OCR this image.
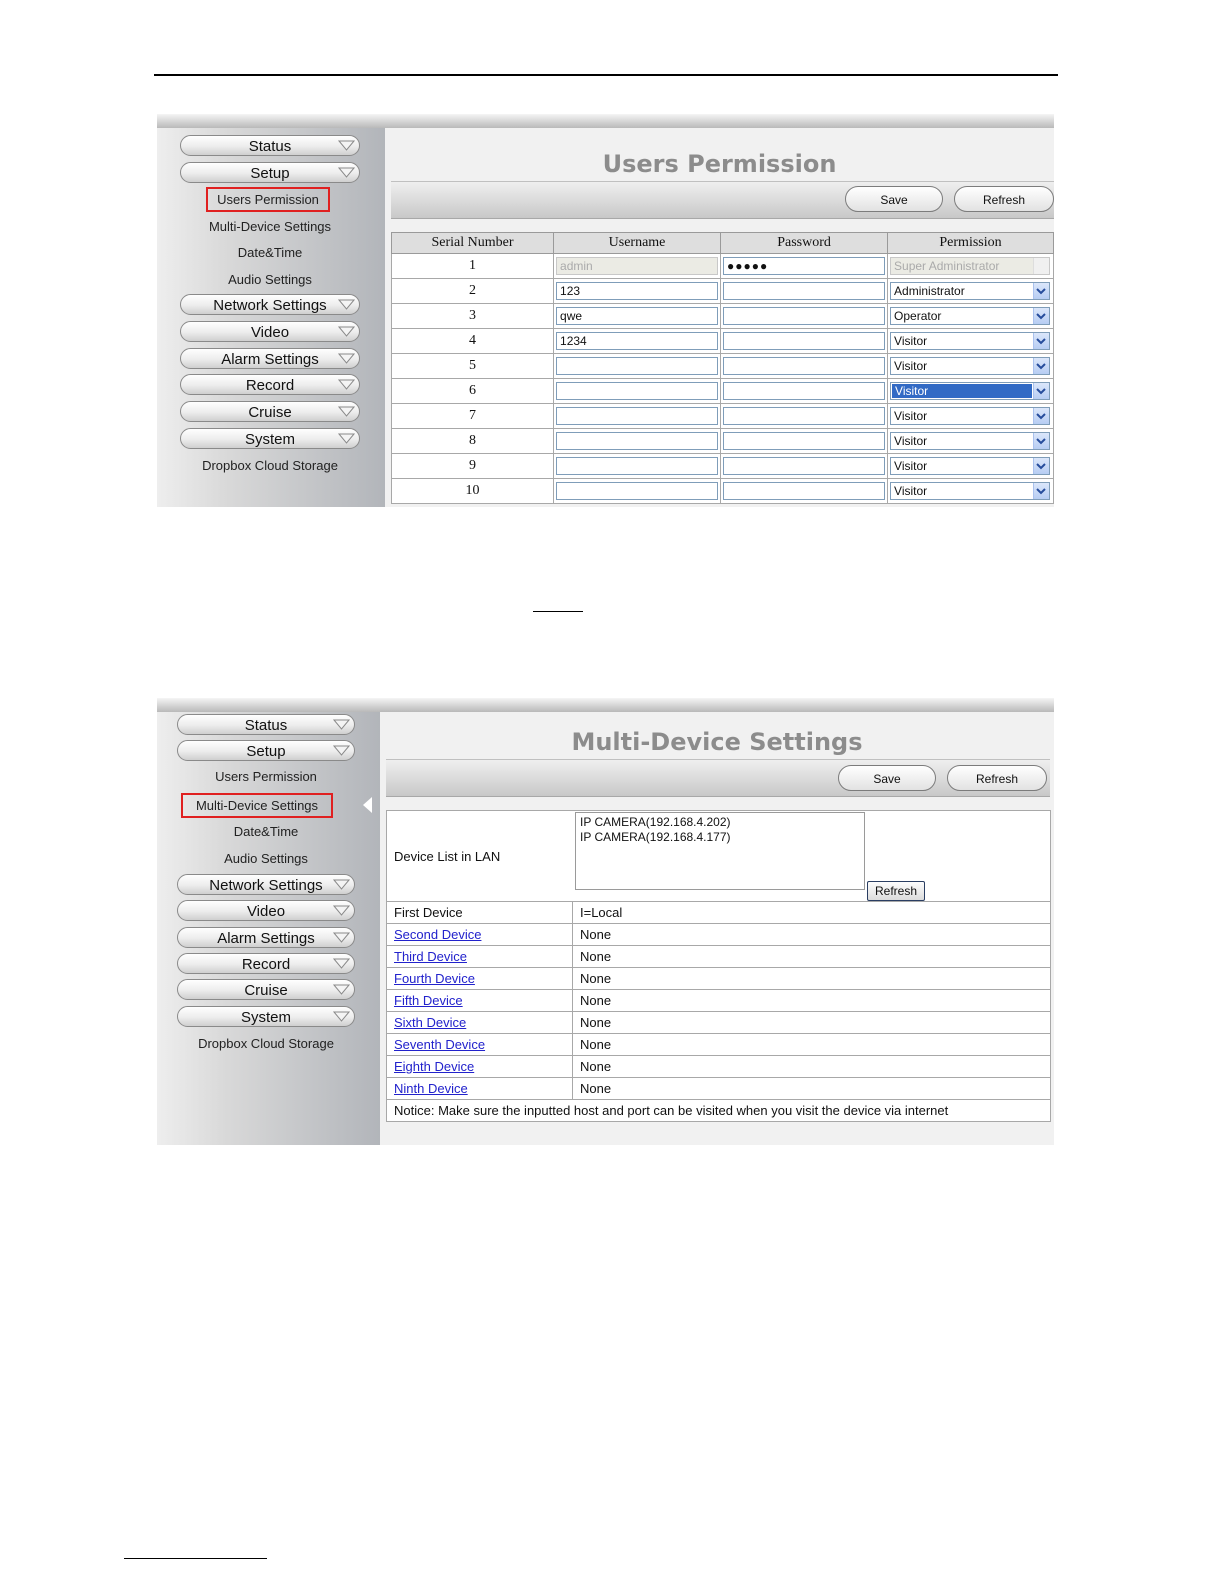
Status
Setup
Users Permission
Multi-Device Settings
Date&Time
Audio Settings
Network Settings
Video
Alarm Settings
Record
Cruise
System
Dropbox Cloud Storage
Users Permission
Save	Refresh
Serial Number	Username	Password	Permission
1	admin	●●●●●	Super Administrator

2	123		Administrator

3	qwe		Operator

4	1234		Visitor

5			Visitor

6			Visitor

7			Visitor

8			Visitor

9			Visitor

10			Visitor
Status
Setup
Users Permission
Multi-Device Settings
Date&Time
Audio Settings
Network Settings
Video
Alarm Settings
Record
Cruise
System
Dropbox Cloud Storage
Multi-Device Settings
Save	Refresh
Device List in LAN
IP CAMERA(192.168.4.202)
IP CAMERA(192.168.4.177)
Refresh	

First Device	I=Local
Second Device	None
Third Device	None
Fourth Device	None
Fifth Device	None
Sixth Device	None
Seventh Device	None
Eighth Device	None
Ninth Device	None
Notice: Make sure the inputted host and port can be visited when you visit the device via internet	
